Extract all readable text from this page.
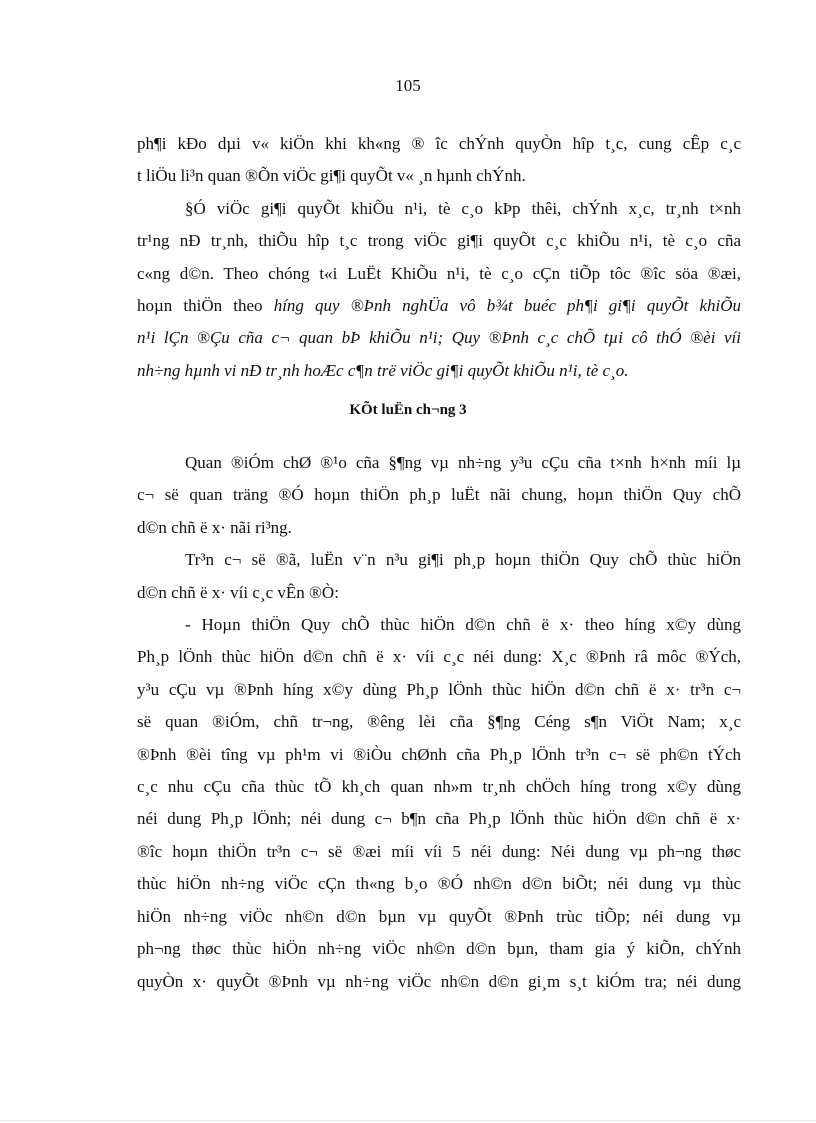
105

ph¶i kĐo dµi v« kiÖn khi kh«ng ® îc chÝnh quyÒn hîp t¸c, cung cÊp c¸c
t liÖu li³n quan ®Õn viÖc gi¶i quyÕt v« ¸n hµnh chÝnh.

§Ó viÖc gi¶i quyÕt khiÕu n¹i, tè c¸o kÞp thêi, chÝnh x¸c, tr¸nh t×nh
tr¹ng nĐ tr¸nh, thiÕu hîp t¸c trong viÖc gi¶i quyÕt c¸c khiÕu n¹i, tè c¸o cña
c«ng d©n. Theo chóng t«i LuËt KhiÕu n¹i, tè c¸o cÇn tiÕp tôc ®îc söa ®æi,
hoµn thiÖn theo híng quy ®Þnh nghÜa vô b¾t buéc ph¶i gi¶i quyÕt khiÕu
n¹i lÇn ®Çu cña c¬ quan bÞ khiÕu n¹i; Quy ®Þnh c¸c chÕ tµi cô thÓ ®èi víi
nh÷ng hµnh vi nĐ tr¸nh hoÆc c¶n trë viÖc gi¶i quyÕt khiÕu n¹i, tè c¸o.

KÕt luËn ch¬ng 3

Quan ®iÓm chØ ®¹o cña §¶ng vµ nh÷ng y³u cÇu cña t×nh h×nh míi lµ
c¬ së quan träng ®Ó hoµn thiÖn ph¸p luËt nãi chung, hoµn thiÖn Quy chÕ
d©n chñ ë x· nãi ri³ng.

Tr³n c¬ së ®ã, luËn v¨n n³u gi¶i ph¸p hoµn thiÖn Quy chÕ thùc hiÖn
d©n chñ ë x· víi c¸c vÊn ®Ò:

- Hoµn thiÖn Quy chÕ thùc hiÖn d©n chñ ë x· theo híng x©y dùng
Ph¸p lÖnh thùc hiÖn d©n chñ ë x· víi c¸c néi dung: X¸c ®Þnh râ môc ®Ých,
y³u cÇu vµ ®Þnh híng x©y dùng Ph¸p lÖnh thùc hiÖn d©n chñ ë x· tr³n c¬
së quan ®iÓm, chñ tr¬ng, ®êng lèi cña §¶ng Céng s¶n ViÖt Nam; x¸c
®Þnh ®èi tîng vµ ph¹m vi ®iÒu chØnh cña Ph¸p lÖnh tr³n c¬ së ph©n tÝch
c¸c nhu cÇu cña thùc tÕ kh¸ch quan nh»m tr¸nh chÖch híng trong x©y dùng
néi dung Ph¸p lÖnh; néi dung c¬ b¶n cña Ph¸p lÖnh thùc hiÖn d©n chñ ë x·
®îc hoµn thiÖn tr³n c¬ së ®æi míi víi 5 néi dung: Néi dung vµ ph¬ng thøc
thùc hiÖn nh÷ng viÖc cÇn th«ng b¸o ®Ó nh©n d©n biÕt; néi dung vµ thùc
hiÖn nh÷ng viÖc nh©n d©n bµn vµ quyÕt ®Þnh trùc tiÕp; néi dung vµ
ph¬ng thøc thùc hiÖn nh÷ng viÖc nh©n d©n bµn, tham gia ý kiÕn, chÝnh
quyÒn x· quyÕt ®Þnh vµ nh÷ng viÖc nh©n d©n gi¸m s¸t kiÓm tra; néi dung
